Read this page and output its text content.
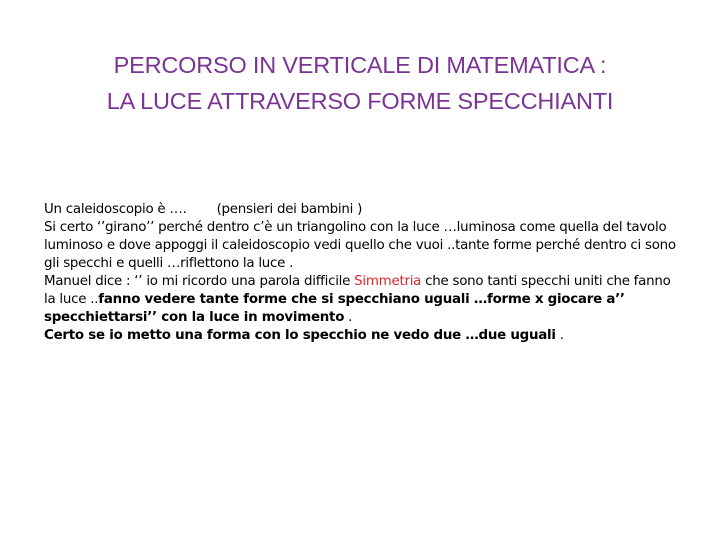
PERCORSO IN VERTICALE DI MATEMATICA :
LA LUCE ATTRAVERSO FORME SPECCHIANTI

Un caleidoscopio è …. (pensieri dei bambini )

Si certo ‘’girano’’ perché dentro c’è un triangolino con la luce …luminosa come quella del tavolo luminoso e dove appoggi il caleidoscopio vedi quello che vuoi ..tante forme perché dentro ci sono gli specchi e quelli …riflettono la luce .

Manuel dice : ‘’ io mi ricordo una parola difficile Simmetria che sono tanti specchi uniti che fanno la luce ..fanno vedere tante forme che si specchiano uguali …forme x giocare a’’ specchiettarsi’’ con la luce in movimento .

Certo se io metto una forma con lo specchio ne vedo due …due uguali .
